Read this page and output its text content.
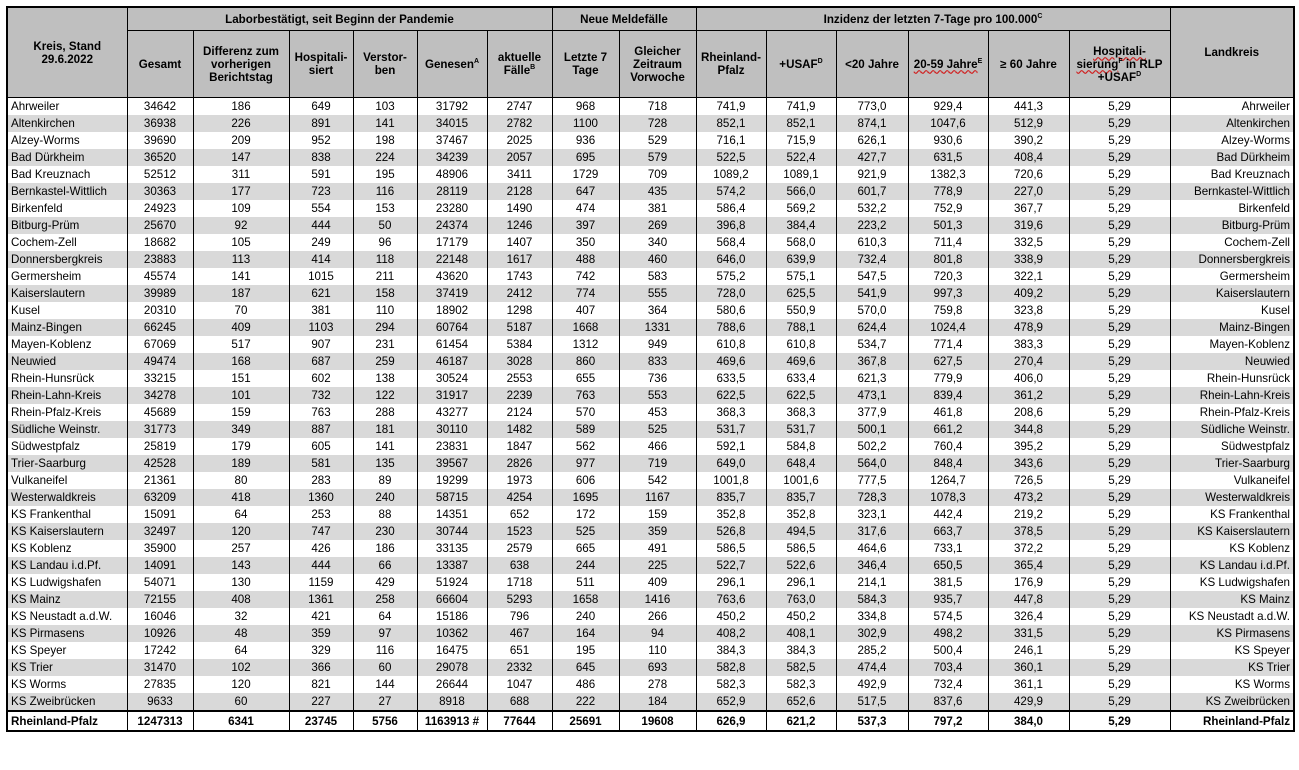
Kreis, Stand
29.6.2022	Laborbestätigt, seit Beginn der Pandemie						Neue Meldefälle		Inzidenz der letzten 7-Tage pro $100.000^C$						Landkreis
	Gesamt	Differenz zum vorherigen Berichtstag	Hospitali-siert	Verstor-ben	Genesen$^A$	aktuelle Fälle$^B$	Letzte 7 Tage	Gleicher Zeitraum Vorwoche	Rheinland-Pfalz	$+USAF^D$	<20 Jahre	20-59 Jahre$^E$	≥ 60 Jahre	Hospitali-
sierung$^F$ in RLP
$+USAF^D$
Ahrweiler	34642	186	649	103	31792	2747	968	718	741,9	741,9	773,0	929,4	441,3	5,29	Ahrweiler
Altenkirchen	36938	226	891	141	34015	2782	1100	728	852,1	852,1	874,1	1047,6	512,9	5,29	Altenkirchen
Alzey-Worms	39690	209	952	198	37467	2025	936	529	716,1	715,9	626,1	930,6	390,2	5,29	Alzey-Worms
Bad Dürkheim	36520	147	838	224	34239	2057	695	579	522,5	522,4	427,7	631,5	408,4	5,29	Bad Dürkheim
Bad Kreuznach	52512	311	591	195	48906	3411	1729	709	1089,2	1089,1	921,9	1382,3	720,6	5,29	Bad Kreuznach
Bernkastel-Wittlich	30363	177	723	116	28119	2128	647	435	574,2	566,0	601,7	778,9	227,0	5,29	Bernkastel-Wittlich
Birkenfeld	24923	109	554	153	23280	1490	474	381	586,4	569,2	532,2	752,9	367,7	5,29	Birkenfeld
Bitburg-Prüm	25670	92	444	50	24374	1246	397	269	396,8	384,4	223,2	501,3	319,6	5,29	Bitburg-Prüm
Cochem-Zell	18682	105	249	96	17179	1407	350	340	568,4	568,0	610,3	711,4	332,5	5,29	Cochem-Zell
Donnersbergkreis	23883	113	414	118	22148	1617	488	460	646,0	639,9	732,4	801,8	338,9	5,29	Donnersbergkreis
Germersheim	45574	141	1015	211	43620	1743	742	583	575,2	575,1	547,5	720,3	322,1	5,29	Germersheim
Kaiserslautern	39989	187	621	158	37419	2412	774	555	728,0	625,5	541,9	997,3	409,2	5,29	Kaiserslautern
Kusel	20310	70	381	110	18902	1298	407	364	580,6	550,9	570,0	759,8	323,8	5,29	Kusel
Mainz-Bingen	66245	409	1103	294	60764	5187	1668	1331	788,6	788,1	624,4	1024,4	478,9	5,29	Mainz-Bingen
Mayen-Koblenz	67069	517	907	231	61454	5384	1312	949	610,8	610,8	534,7	771,4	383,3	5,29	Mayen-Koblenz
Neuwied	49474	168	687	259	46187	3028	860	833	469,6	469,6	367,8	627,5	270,4	5,29	Neuwied
Rhein-Hunsrück	33215	151	602	138	30524	2553	655	736	633,5	633,4	621,3	779,9	406,0	5,29	Rhein-Hunsrück
Rhein-Lahn-Kreis	34278	101	732	122	31917	2239	763	553	622,5	622,5	473,1	839,4	361,2	5,29	Rhein-Lahn-Kreis
Rhein-Pfalz-Kreis	45689	159	763	288	43277	2124	570	453	368,3	368,3	377,9	461,8	208,6	5,29	Rhein-Pfalz-Kreis
Südliche Weinstr.	31773	349	887	181	30110	1482	589	525	531,7	531,7	500,1	661,2	344,8	5,29	Südliche Weinstr.
Südwestpfalz	25819	179	605	141	23831	1847	562	466	592,1	584,8	502,2	760,4	395,2	5,29	Südwestpfalz
Trier-Saarburg	42528	189	581	135	39567	2826	977	719	649,0	648,4	564,0	848,4	343,6	5,29	Trier-Saarburg
Vulkaneifel	21361	80	283	89	19299	1973	606	542	1001,8	1001,6	777,5	1264,7	726,5	5,29	Vulkaneifel
Westerwaldkreis	63209	418	1360	240	58715	4254	1695	1167	835,7	835,7	728,3	1078,3	473,2	5,29	Westerwaldkreis
KS Frankenthal	15091	64	253	88	14351	652	172	159	352,8	352,8	323,1	442,4	219,2	5,29	KS Frankenthal
KS Kaiserslautern	32497	120	747	230	30744	1523	525	359	526,8	494,5	317,6	663,7	378,5	5,29	KS Kaiserslautern
KS Koblenz	35900	257	426	186	33135	2579	665	491	586,5	586,5	464,6	733,1	372,2	5,29	KS Koblenz
KS Landau i.d.Pf.	14091	143	444	66	13387	638	244	225	522,7	522,6	346,4	650,5	365,4	5,29	KS Landau i.d.Pf.
KS Ludwigshafen	54071	130	1159	429	51924	1718	511	409	296,1	296,1	214,1	381,5	176,9	5,29	KS Ludwigshafen
KS Mainz	72155	408	1361	258	66604	5293	1658	1416	763,6	763,0	584,3	935,7	447,8	5,29	KS Mainz
KS Neustadt a.d.W.	16046	32	421	64	15186	796	240	266	450,2	450,2	334,8	574,5	326,4	5,29	KS Neustadt a.d.W.
KS Pirmasens	10926	48	359	97	10362	467	164	94	408,2	408,1	302,9	498,2	331,5	5,29	KS Pirmasens
KS Speyer	17242	64	329	116	16475	651	195	110	384,3	384,3	285,2	500,4	246,1	5,29	KS Speyer
KS Trier	31470	102	366	60	29078	2332	645	693	582,8	582,5	474,4	703,4	360,1	5,29	KS Trier
KS Worms	27835	120	821	144	26644	1047	486	278	582,3	582,3	492,9	732,4	361,1	5,29	KS Worms
KS Zweibrücken	9633	60	227	27	8918	688	222	184	652,9	652,6	517,5	837,6	429,9	5,29	KS Zweibrücken
Rheinland-Pfalz	1247313	6341	23745	5756	1163913 #	77644	25691	19608	626,9	621,2	537,3	797,2	384,0	5,29	Rheinland-Pfalz
